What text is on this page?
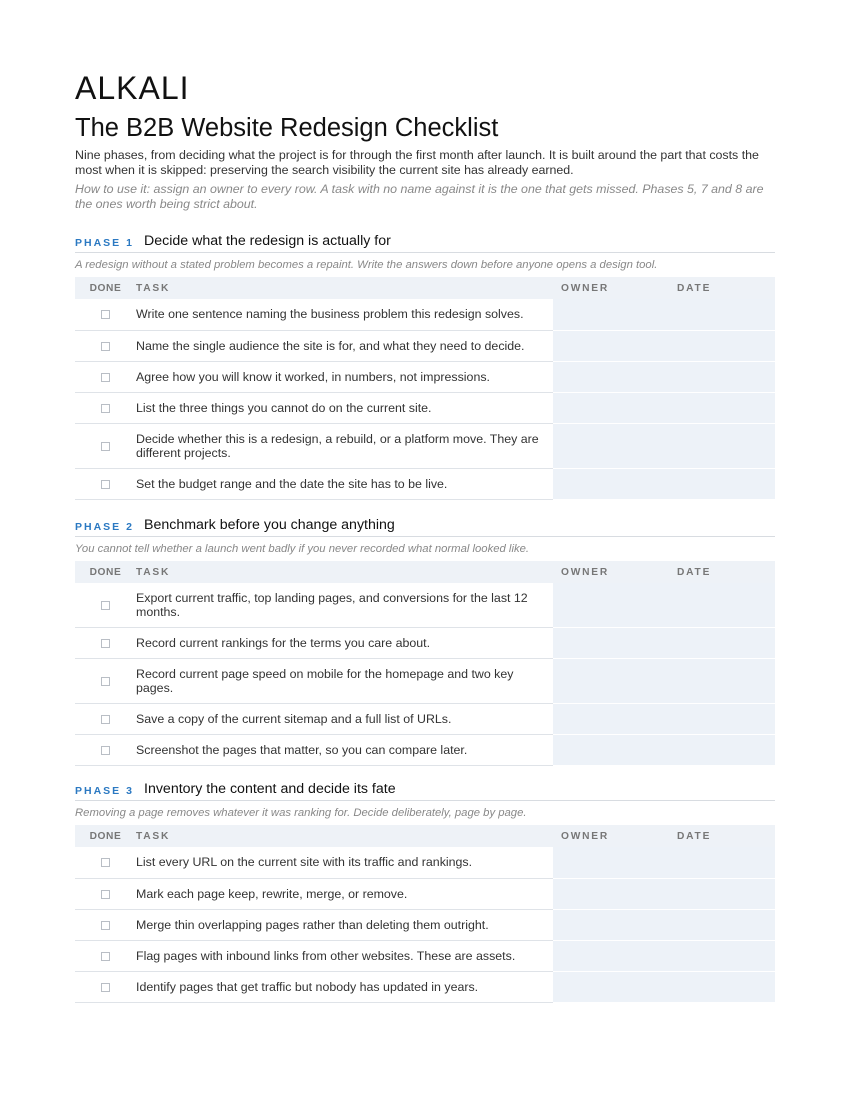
ALKALI
The B2B Website Redesign Checklist

Nine phases, from deciding what the project is for through the first month after launch. It is built around the part that costs the most when it is skipped: preserving the search visibility the current site has already earned.

How to use it: assign an owner to every row. A task with no name against it is the one that gets missed. Phases 5, 7 and 8 are the ones worth being strict about.

PHASE 1 Decide what the redesign is actually for
A redesign without a stated problem becomes a repaint. Write the answers down before anyone opens a design tool.
DONE	TASK	OWNER	DATE
	Write one sentence naming the business problem this redesign solves.		
	Name the single audience the site is for, and what they need to decide.		
	Agree how you will know it worked, in numbers, not impressions.		
	List the three things you cannot do on the current site.		
	Decide whether this is a redesign, a rebuild, or a platform move. They are different projects.		
	Set the budget range and the date the site has to be live.		
PHASE 2 Benchmark before you change anything
You cannot tell whether a launch went badly if you never recorded what normal looked like.
DONE	TASK	OWNER	DATE
	Export current traffic, top landing pages, and conversions for the last 12 months.		
	Record current rankings for the terms you care about.		
	Record current page speed on mobile for the homepage and two key pages.		
	Save a copy of the current sitemap and a full list of URLs.		
	Screenshot the pages that matter, so you can compare later.		
PHASE 3 Inventory the content and decide its fate
Removing a page removes whatever it was ranking for. Decide deliberately, page by page.
DONE	TASK	OWNER	DATE
	List every URL on the current site with its traffic and rankings.		
	Mark each page keep, rewrite, merge, or remove.		
	Merge thin overlapping pages rather than deleting them outright.		
	Flag pages with inbound links from other websites. These are assets.		
	Identify pages that get traffic but nobody has updated in years.		
